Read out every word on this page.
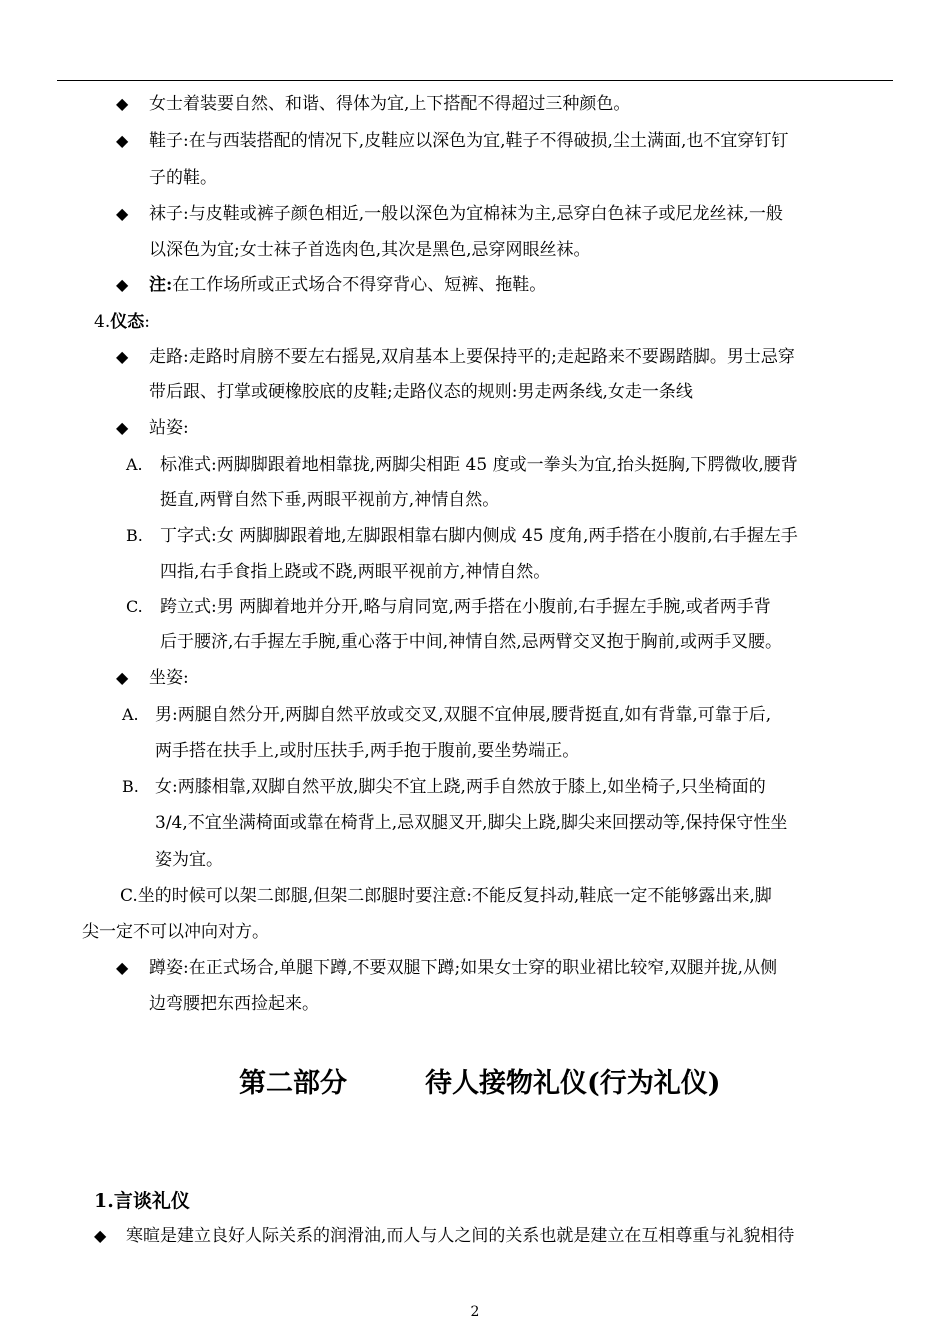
◆ 女士着装要自然、和谐、得体为宜,上下搭配不得超过三种颜色。
◆ 鞋子:在与西装搭配的情况下,皮鞋应以深色为宜,鞋子不得破损,尘土满面,也不宜穿钉钉
子的鞋。
◆ 袜子:与皮鞋或裤子颜色相近,一般以深色为宜棉袜为主,忌穿白色袜子或尼龙丝袜,一般
以深色为宜;女士袜子首选肉色,其次是黑色,忌穿网眼丝袜。
◆ 注:在工作场所或正式场合不得穿背心、短裤、拖鞋。
4.仪态:
◆ 走路:走路时肩膀不要左右摇晃,双肩基本上要保持平的;走起路来不要踢踏脚。男士忌穿
带后跟、打掌或硬橡胶底的皮鞋;走路仪态的规则:男走两条线,女走一条线
◆ 站姿:
A. 标准式:两脚脚跟着地相靠拢,两脚尖相距 45 度或一拳头为宜,抬头挺胸,下腭微收,腰背
挺直,两臂自然下垂,两眼平视前方,神情自然。
B. 丁字式:女 两脚脚跟着地,左脚跟相靠右脚内侧成 45 度角,两手搭在小腹前,右手握左手
四指,右手食指上跷或不跷,两眼平视前方,神情自然。
C. 跨立式:男 两脚着地并分开,略与肩同宽,两手搭在小腹前,右手握左手腕,或者两手背
后于腰济,右手握左手腕,重心落于中间,神情自然,忌两臂交叉抱于胸前,或两手叉腰。
◆ 坐姿:
A. 男:两腿自然分开,两脚自然平放或交叉,双腿不宜伸展,腰背挺直,如有背靠,可靠于后,
两手搭在扶手上,或肘压扶手,两手抱于腹前,要坐势端正。
B. 女:两膝相靠,双脚自然平放,脚尖不宜上跷,两手自然放于膝上,如坐椅子,只坐椅面的
3/4,不宜坐满椅面或靠在椅背上,忌双腿叉开,脚尖上跷,脚尖来回摆动等,保持保守性坐
姿为宜。
C.坐的时候可以架二郎腿,但架二郎腿时要注意:不能反复抖动,鞋底一定不能够露出来,脚
尖一定不可以冲向对方。
◆ 蹲姿:在正式场合,单腿下蹲,不要双腿下蹲;如果女士穿的职业裙比较窄,双腿并拢,从侧
边弯腰把东西捡起来。
第二部分	待人接物礼仪(行为礼仪)
1.言谈礼仪
◆ 寒暄是建立良好人际关系的润滑油,而人与人之间的关系也就是建立在互相尊重与礼貌相待
2
